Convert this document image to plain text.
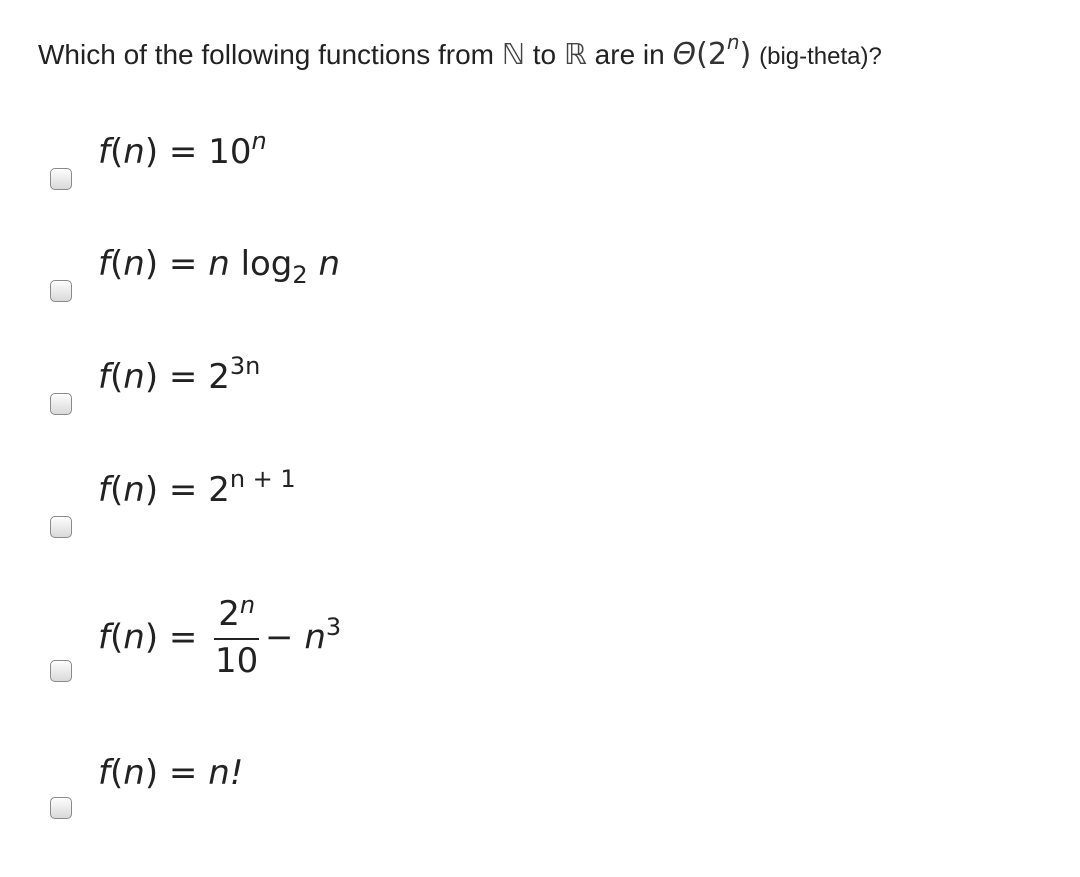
Which of the following functions from ℕ to ℝ are in Θ(2$^n$) (big-theta)?
$f(n) = 10^n$
f(n) = n $\log_2 n$
$f(n) = 2^{3n}$
$f(n) = 2^{n + 1}$
$f(n) = \frac{2^n}{10} - n^3$
f(n) = n!
